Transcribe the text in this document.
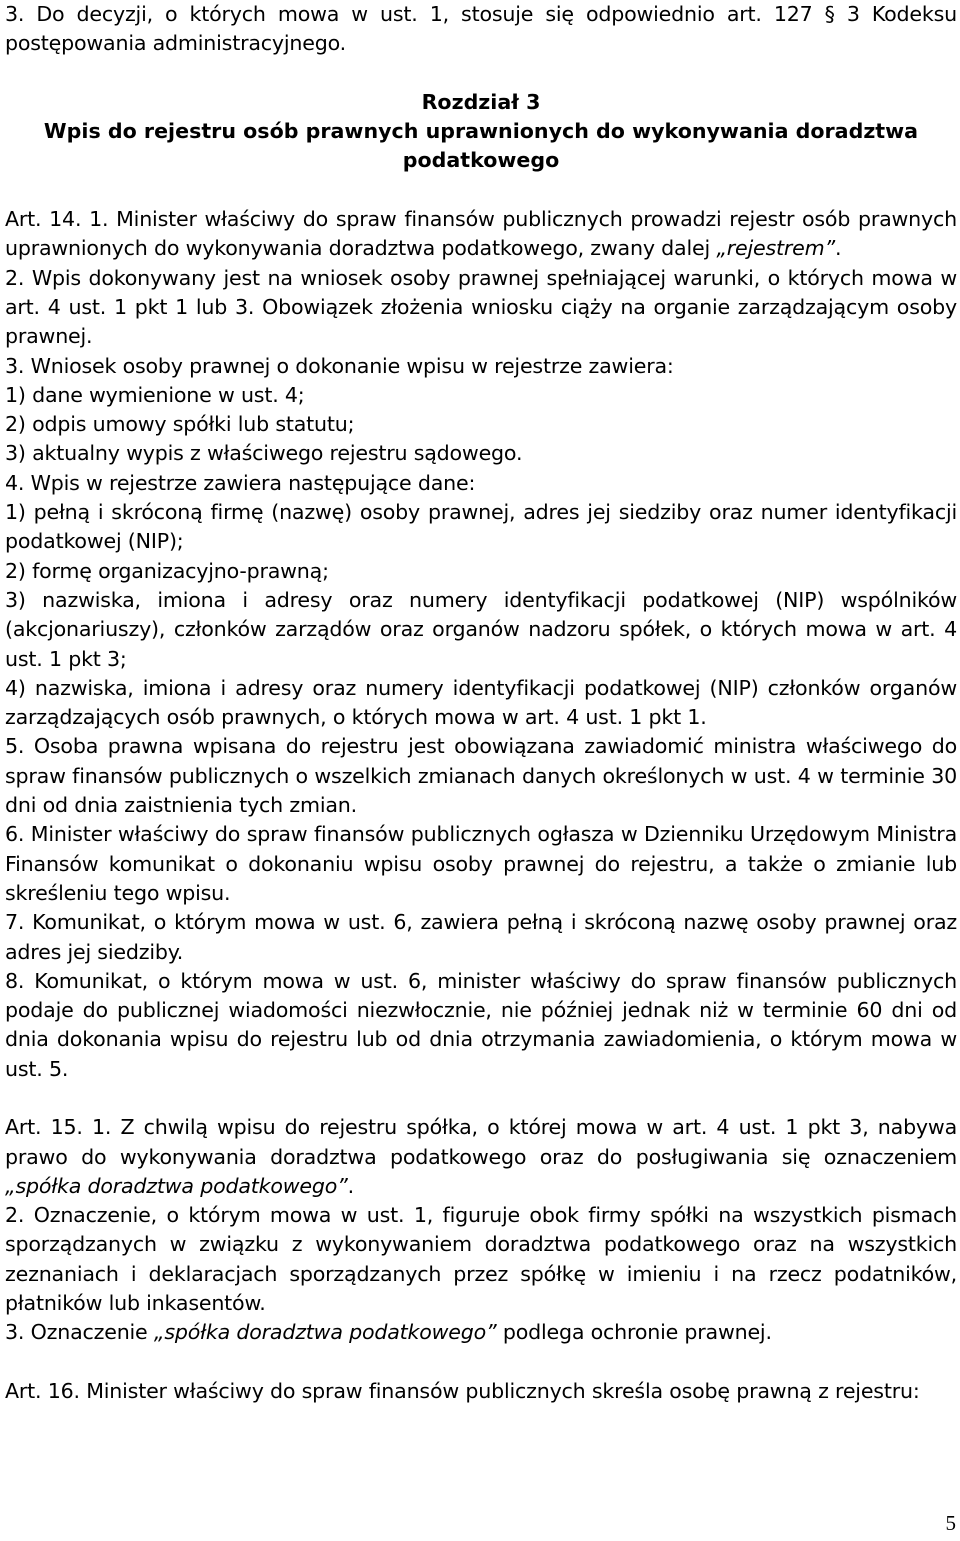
3. Do decyzji, o których mowa w ust. 1, stosuje się odpowiednio art. 127 § 3 Kodeksu postępowania administracyjnego.

Rozdział 3

Wpis do rejestru osób prawnych uprawnionych do wykonywania doradztwa podatkowego

Art. 14. 1. Minister właściwy do spraw finansów publicznych prowadzi rejestr osób prawnych uprawnionych do wykonywania doradztwa podatkowego, zwany dalej „rejestrem”.

2. Wpis dokonywany jest na wniosek osoby prawnej spełniającej warunki, o których mowa w art. 4 ust. 1 pkt 1 lub 3. Obowiązek złożenia wniosku ciąży na organie zarządzającym osoby prawnej.

3. Wniosek osoby prawnej o dokonanie wpisu w rejestrze zawiera:

1) dane wymienione w ust. 4;

2) odpis umowy spółki lub statutu;

3) aktualny wypis z właściwego rejestru sądowego.

4. Wpis w rejestrze zawiera następujące dane:

1) pełną i skróconą firmę (nazwę) osoby prawnej, adres jej siedziby oraz numer identyfikacji podatkowej (NIP);

2) formę organizacyjno-prawną;

3) nazwiska, imiona i adresy oraz numery identyfikacji podatkowej (NIP) wspólników (akcjonariuszy), członków zarządów oraz organów nadzoru spółek, o których mowa w art. 4 ust. 1 pkt 3;

4) nazwiska, imiona i adresy oraz numery identyfikacji podatkowej (NIP) członków organów zarządzających osób prawnych, o których mowa w art. 4 ust. 1 pkt 1.

5. Osoba prawna wpisana do rejestru jest obowiązana zawiadomić ministra właściwego do spraw finansów publicznych o wszelkich zmianach danych określonych w ust. 4 w terminie 30 dni od dnia zaistnienia tych zmian.

6. Minister właściwy do spraw finansów publicznych ogłasza w Dzienniku Urzędowym Ministra Finansów komunikat o dokonaniu wpisu osoby prawnej do rejestru, a także o zmianie lub skreśleniu tego wpisu.

7. Komunikat, o którym mowa w ust. 6, zawiera pełną i skróconą nazwę osoby prawnej oraz adres jej siedziby.

8. Komunikat, o którym mowa w ust. 6, minister właściwy do spraw finansów publicznych podaje do publicznej wiadomości niezwłocznie, nie później jednak niż w terminie 60 dni od dnia dokonania wpisu do rejestru lub od dnia otrzymania zawiadomienia, o którym mowa w ust. 5.

Art. 15. 1. Z chwilą wpisu do rejestru spółka, o której mowa w art. 4 ust. 1 pkt 3, nabywa prawo do wykonywania doradztwa podatkowego oraz do posługiwania się oznaczeniem „spółka doradztwa podatkowego”.

2. Oznaczenie, o którym mowa w ust. 1, figuruje obok firmy spółki na wszystkich pismach sporządzanych w związku z wykonywaniem doradztwa podatkowego oraz na wszystkich zeznaniach i deklaracjach sporządzanych przez spółkę w imieniu i na rzecz podatników, płatników lub inkasentów.

3. Oznaczenie „spółka doradztwa podatkowego” podlega ochronie prawnej.

Art. 16. Minister właściwy do spraw finansów publicznych skreśla osobę prawną z rejestru:

5
